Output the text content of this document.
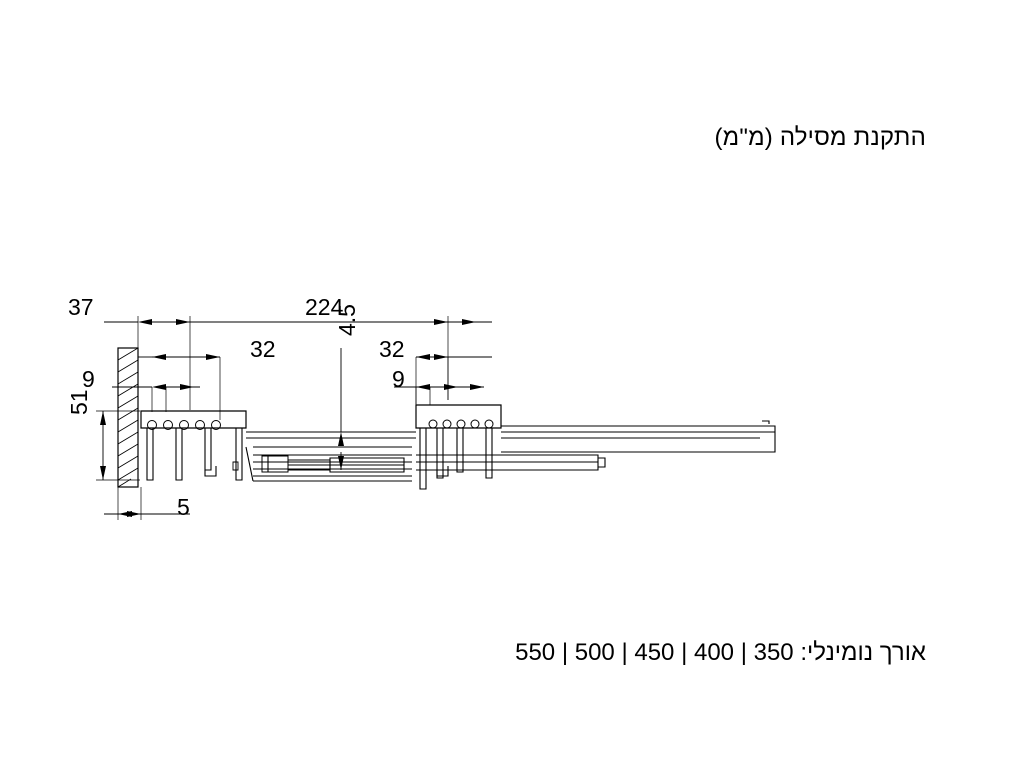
התקנת מסילה (מ"מ)
37	224
32	32
9	9
4.5
51
5
אורך נומינלי: 350 | 400 | 450 | 500 | 550
